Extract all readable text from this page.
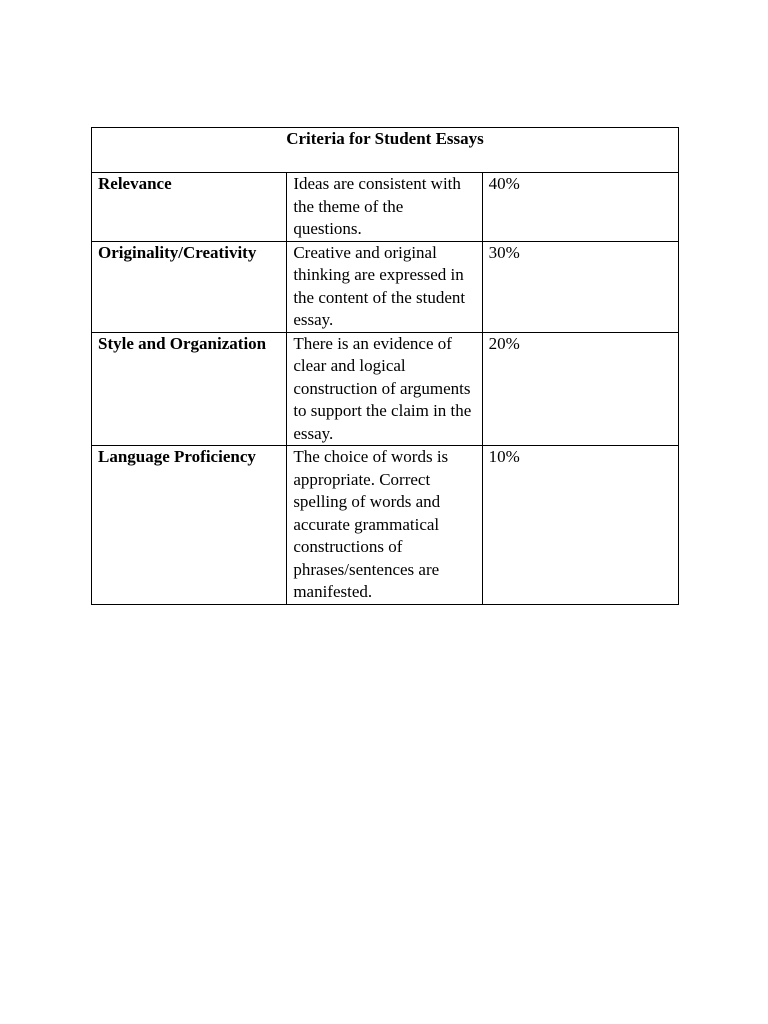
Criteria for Student Essays		
Relevance	Ideas are consistent with the theme of the questions.	40%
Originality/Creativity	Creative and original thinking are expressed in the content of the student essay.	30%
Style and Organization	There is an evidence of clear and logical construction of arguments to support the claim in the essay.	20%
Language Proficiency	The choice of words is appropriate. Correct spelling of words and accurate grammatical constructions of phrases/sentences are manifested.	10%
